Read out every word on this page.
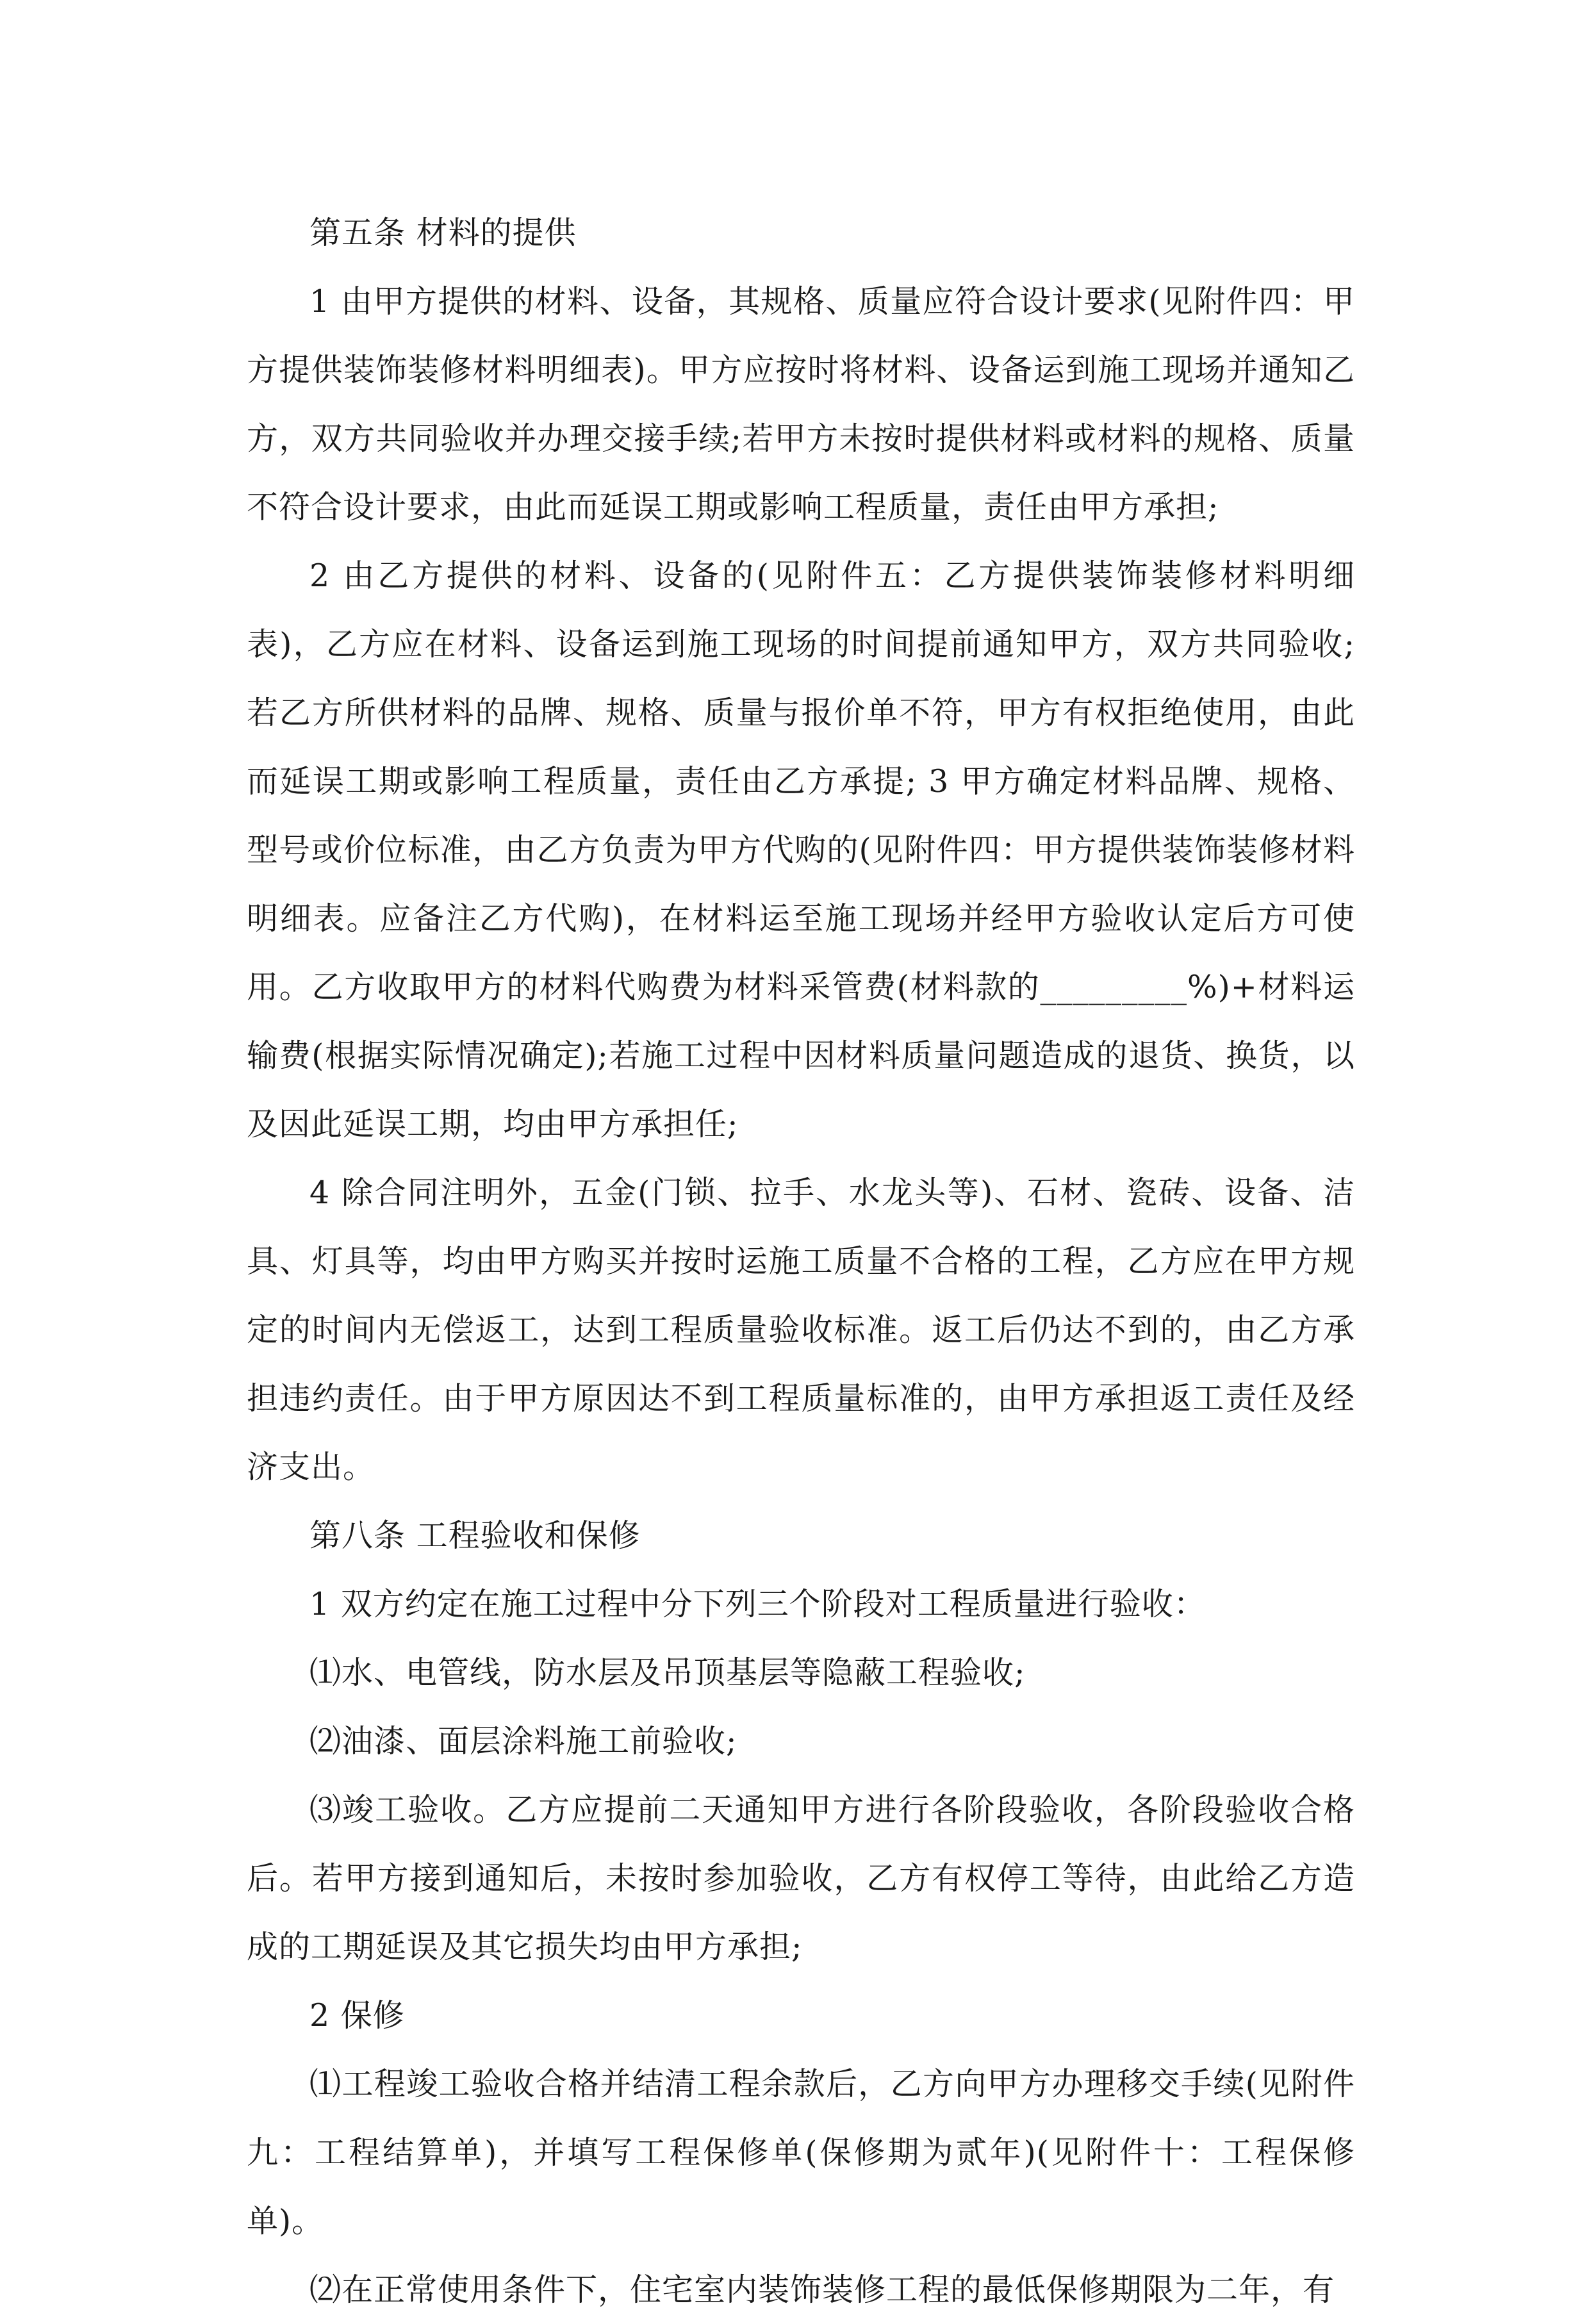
第五条 材料的提供

1 由甲方提供的材料、设备，其规格、质量应符合设计要求(见附件四：甲方提供装饰装修材料明细表)。甲方应按时将材料、设备运到施工现场并通知乙方，双方共同验收并办理交接手续;若甲方未按时提供材料或材料的规格、质量不符合设计要求，由此而延误工期或影响工程质量，责任由甲方承担;

2 由乙方提供的材料、设备的(见附件五：乙方提供装饰装修材料明细表)，乙方应在材料、设备运到施工现场的时间提前通知甲方，双方共同验收;若乙方所供材料的品牌、规格、质量与报价单不符，甲方有权拒绝使用，由此而延误工期或影响工程质量，责任由乙方承提; 3 甲方确定材料品牌、规格、型号或价位标准，由乙方负责为甲方代购的(见附件四：甲方提供装饰装修材料明细表。应备注乙方代购)，在材料运至施工现场并经甲方验收认定后方可使用。乙方收取甲方的材料代购费为材料采管费(材料款的_________%)+材料运输费(根据实际情况确定);若施工过程中因材料质量问题造成的退货、换货，以及因此延误工期，均由甲方承担任;

4 除合同注明外，五金(门锁、拉手、水龙头等)、石材、瓷砖、设备、洁具、灯具等，均由甲方购买并按时运施工质量不合格的工程，乙方应在甲方规定的时间内无偿返工，达到工程质量验收标准。返工后仍达不到的，由乙方承担违约责任。由于甲方原因达不到工程质量标准的，由甲方承担返工责任及经济支出。

第八条 工程验收和保修

1 双方约定在施工过程中分下列三个阶段对工程质量进行验收：

⑴水、电管线，防水层及吊顶基层等隐蔽工程验收;

⑵油漆、面层涂料施工前验收;

⑶竣工验收。乙方应提前二天通知甲方进行各阶段验收，各阶段验收合格后。若甲方接到通知后，未按时参加验收，乙方有权停工等待，由此给乙方造成的工期延误及其它损失均由甲方承担;

2 保修

⑴工程竣工验收合格并结清工程余款后，乙方向甲方办理移交手续(见附件九：工程结算单)，并填写工程保修单(保修期为贰年)(见附件十：工程保修单)。

⑵在正常使用条件下，住宅室内装饰装修工程的最低保修期限为二年，有
